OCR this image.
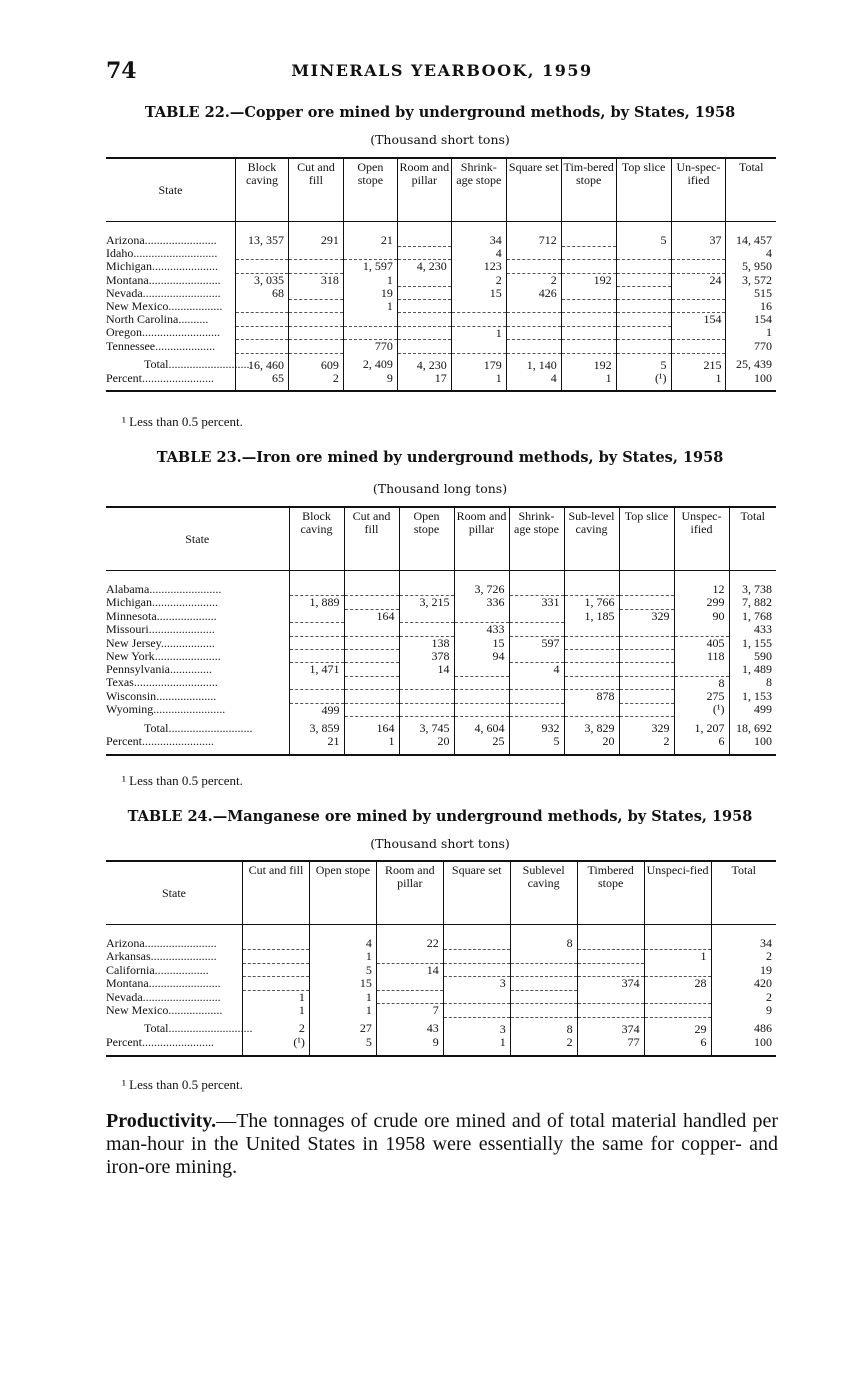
74	MINERALS YEARBOOK, 1959
TABLE 22.—Copper ore mined by underground methods, by States, 1958
(Thousand short tons)
State	Block caving	Cut and fill	Open stope	Room and pillar	Shrink-age stope	Square set	Tim-bered stope	Top slice	Un-spec-ified	Total

Arizona........................	13, 357	291	21		34	712		5	37	14, 457
Idaho............................					4					4
Michigan......................			1, 597	4, 230	123					5, 950
Montana........................	3, 035	318	1		2	2	192		24	3, 572
Nevada..........................	68		19		15	426				515
New Mexico..................			1							16
North Carolina..........									154	154
Oregon..........................					1					1
Tennessee....................			770							770
Total............................	16, 460	609	2, 409	4, 230	179	1, 140	192	5	215	25, 439
Percent........................	65	2	9	17	1	4	1	(¹)	1	100
¹ Less than 0.5 percent.
TABLE 23.—Iron ore mined by underground methods, by States, 1958
(Thousand long tons)
State	Block caving	Cut and fill	Open stope	Room and pillar	Shrink-age stope	Sub-level caving	Top slice	Unspec-ified	Total

Alabama........................				3, 726				12	3, 738
Michigan......................	1, 889		3, 215	336	331	1, 766		299	7, 882
Minnesota....................		164				1, 185	329	90	1, 768
Missouri......................				433					433
New Jersey..................			138	15	597			405	1, 155
New York......................			378	94				118	590
Pennsylvania..............	1, 471		14		4				1, 489
Texas............................								8	8
Wisconsin....................						878		275	1, 153
Wyoming........................	499							(¹)	499
Total............................	3, 859	164	3, 745	4, 604	932	3, 829	329	1, 207	18, 692
Percent........................	21	1	20	25	5	20	2	6	100
¹ Less than 0.5 percent.
TABLE 24.—Manganese ore mined by underground methods, by States, 1958
(Thousand short tons)
State	Cut and fill	Open stope	Room and pillar	Square set	Sublevel caving	Timbered stope	Unspeci-fied	Total

Arizona........................		4	22		8			34
Arkansas......................		1					1	2
California..................		5	14					19
Montana........................		15		3		374	28	420
Nevada..........................	1	1						2
New Mexico..................	1	1	7					9
Total............................	2	27	43	3	8	374	29	486
Percent........................	(¹)	5	9	1	2	77	6	100
¹ Less than 0.5 percent.
Productivity.—The tonnages of crude ore mined and of total material handled per man-hour in the United States in 1958 were essentially the same for copper- and iron-ore mining.
